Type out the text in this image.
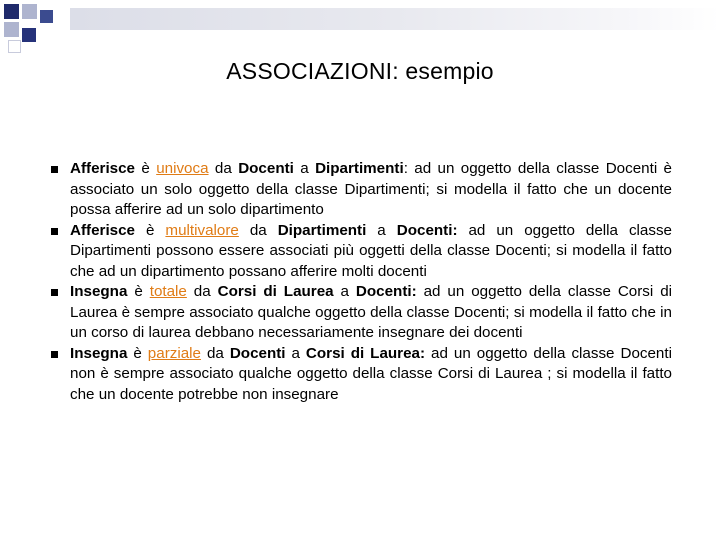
ASSOCIAZIONI: esempio
Afferisce è univoca da Docenti a Dipartimenti: ad un oggetto della classe Docenti è associato un solo oggetto della classe Dipartimenti; si modella il fatto che un docente possa afferire ad un solo dipartimento
Afferisce è multivalore da Dipartimenti a Docenti: ad un oggetto della classe Dipartimenti possono essere associati più oggetti della classe Docenti; si modella il fatto che ad un dipartimento possano afferire molti docenti
Insegna è totale da Corsi di Laurea a Docenti: ad un oggetto della classe Corsi di Laurea è sempre associato qualche oggetto della classe Docenti; si modella il fatto che in un corso di laurea debbano necessariamente insegnare dei docenti
Insegna è parziale da Docenti a Corsi di Laurea: ad un oggetto della classe Docenti non è sempre associato qualche oggetto della classe Corsi di Laurea ; si modella il fatto che un docente potrebbe non insegnare
